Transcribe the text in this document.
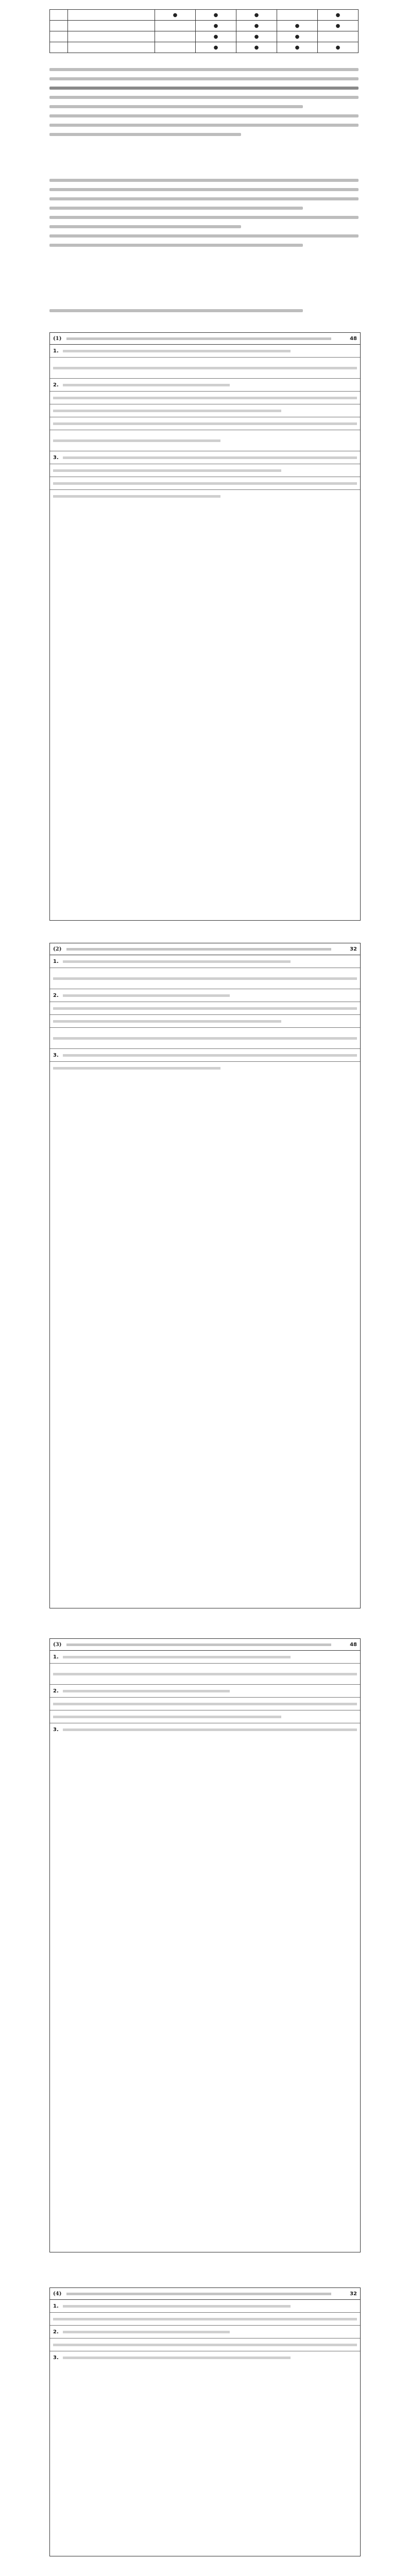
		●	●	●		●
			●	●	●	●
			●	●	●	
			●	●	●	●
(1)	48
1.
2.
3.
(2)	32
1.
2.
3.
(3)	48
1.
2.
3.
(4)	32
1.
2.
3.
